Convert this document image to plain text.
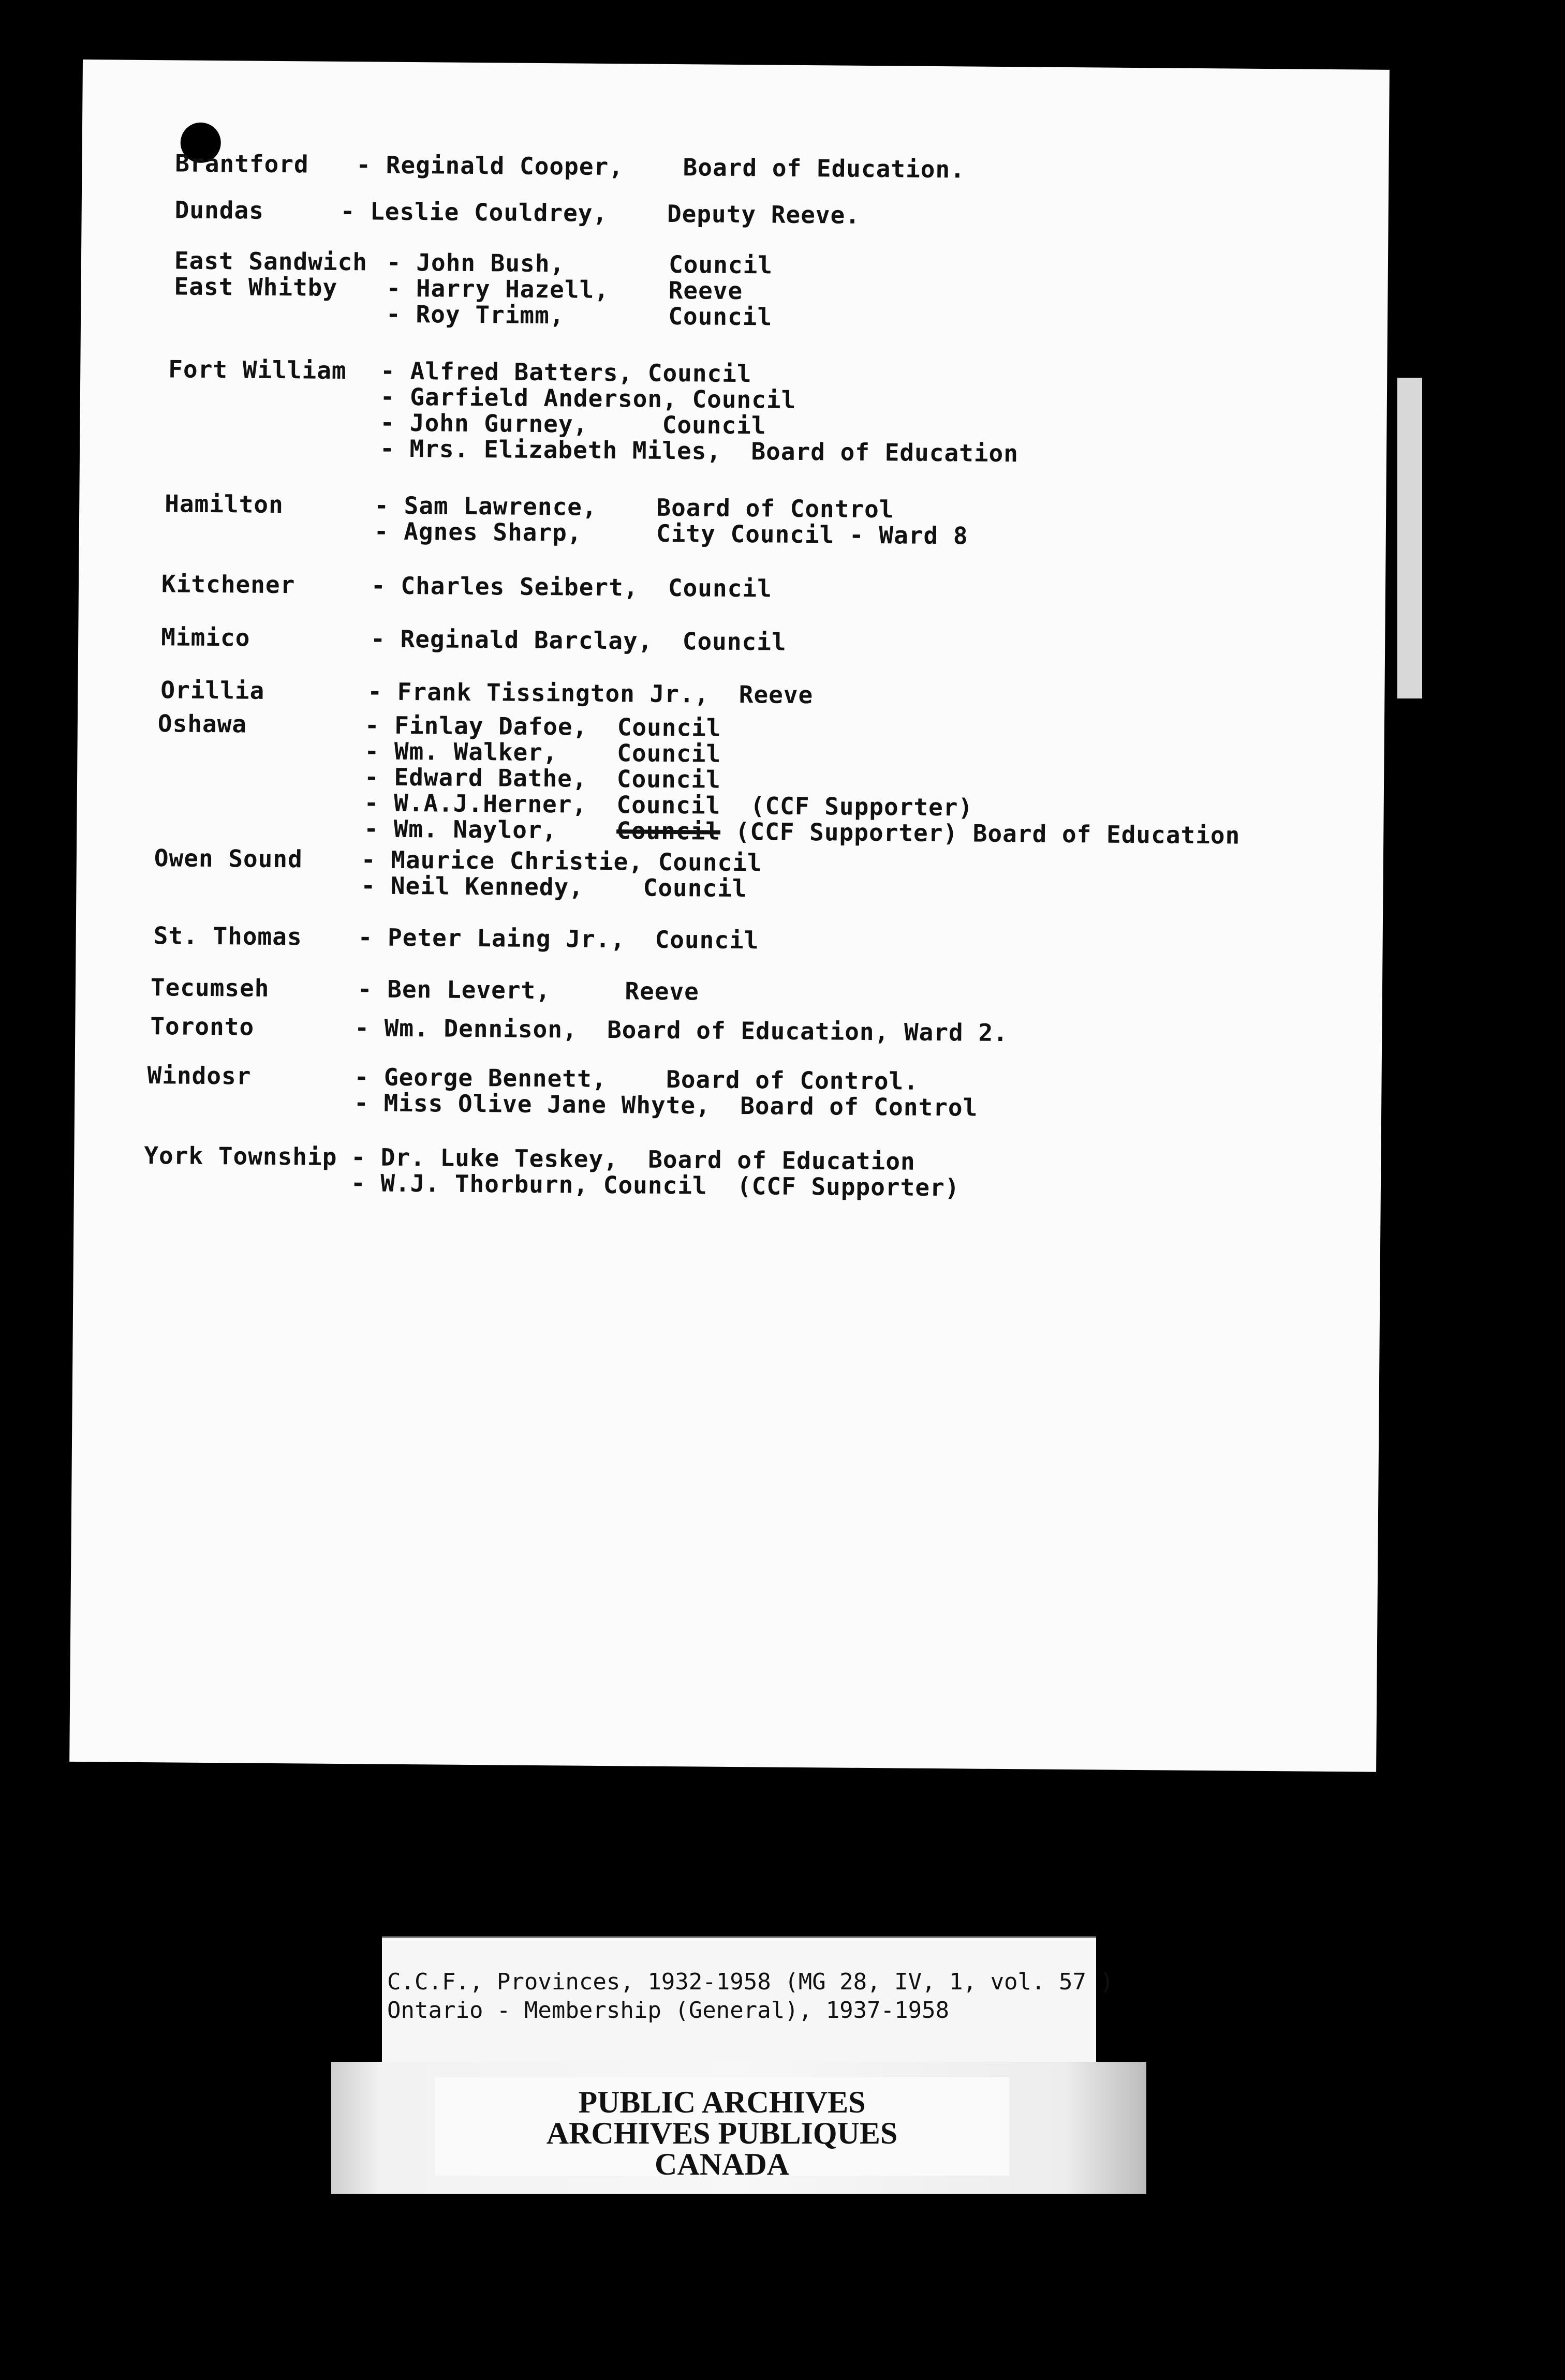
Brantford - Reginald Cooper,    Board of Education.
Dundas	- Leslie Couldrey,    Deputy Reeve.
East Sandwich - John Bush,       Council
East Whitby - Harry Hazell,    Reeve
- Roy Trimm,       Council
Fort William - Alfred Batters, Council
- Garfield Anderson, Council
- John Gurney,     Council
- Mrs. Elizabeth Miles,  Board of Education
Hamilton	- Sam Lawrence,    Board of Control
- Agnes Sharp,     City Council - Ward 8
Kitchener	- Charles Seibert,  Council
Mimico	- Reginald Barclay,  Council
Orillia	- Frank Tissington Jr.,  Reeve
Oshawa	- Finlay Dafoe,  Council
- Wm. Walker,    Council
- Edward Bathe,  Council
- W.A.J.Herner,  Council  (CCF Supporter)
- Wm. Naylor, Council (CCF Supporter) Board of Education
Owen Sound - Maurice Christie, Council
- Neil Kennedy,    Council
St. Thomas - Peter Laing Jr.,  Council
Tecumseh	- Ben Levert,     Reeve
Toronto	- Wm. Dennison,  Board of Education, Ward 2.
Windosr	- George Bennett,    Board of Control.
- Miss Olive Jane Whyte,  Board of Control
York Township - Dr. Luke Teskey,  Board of Education
- W.J. Thorburn, Council  (CCF Supporter)
C.C.F., Provinces, 1932-1958 (MG 28, IV, 1, vol. 57 )
Ontario - Membership (General), 1937-1958
PUBLIC ARCHIVES
ARCHIVES PUBLIQUES
CANADA
